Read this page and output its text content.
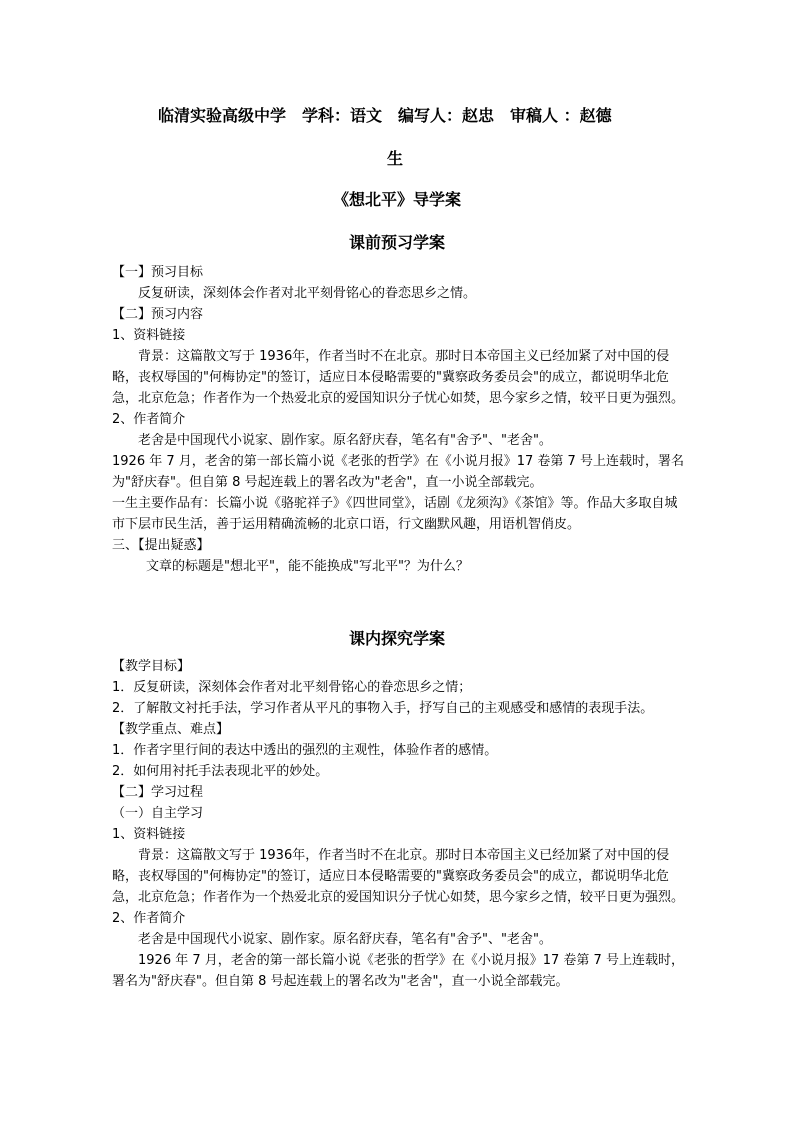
临清实验高级中学　学科：语文　编写人：赵忠　审稿人 ：赵德
生
《想北平》导学案
课前预习学案

【一】预习目标

反复研读，深刻体会作者对北平刻骨铭心的眷恋思乡之情。

【二】预习内容

1、资料链接

背景：这篇散文写于 1936年，作者当时不在北京。那时日本帝国主义已经加紧了对中国的侵略，丧权辱国的"何梅协定"的签订，适应日本侵略需要的"冀察政务委员会"的成立，都说明华北危急，北京危急；作者作为一个热爱北京的爱国知识分子忧心如焚，思今家乡之情，较平日更为强烈。

2、作者简介

老舍是中国现代小说家、剧作家。原名舒庆春，笔名有"舍予"、"老舍"。

1926 年 7 月，老舍的第一部长篇小说《老张的哲学》在《小说月报》17 卷第 7 号上连载时，署名为"舒庆春"。但自第 8 号起连载上的署名改为"老舍"，直一小说全部载完。

一生主要作品有：长篇小说《骆驼祥子》《四世同堂》，话剧《龙须沟》《茶馆》等。作品大多取自城市下层市民生活，善于运用精确流畅的北京口语，行文幽默风趣，用语机智俏皮。

三、【提出疑惑】

文章的标题是"想北平"，能不能换成"写北平"？为什么？

课内探究学案

【教学目标】

1．反复研读，深刻体会作者对北平刻骨铭心的眷恋思乡之情；

2．了解散文衬托手法，学习作者从平凡的事物入手，抒写自己的主观感受和感情的表现手法。

【教学重点、难点】

1．作者字里行间的表达中透出的强烈的主观性，体验作者的感情。

2．如何用衬托手法表现北平的妙处。

【二】学习过程

（一）自主学习

1、资料链接

背景：这篇散文写于 1936年，作者当时不在北京。那时日本帝国主义已经加紧了对中国的侵略，丧权辱国的"何梅协定"的签订，适应日本侵略需要的"冀察政务委员会"的成立，都说明华北危急，北京危急；作者作为一个热爱北京的爱国知识分子忧心如焚，思今家乡之情，较平日更为强烈。

2、作者简介

老舍是中国现代小说家、剧作家。原名舒庆春，笔名有"舍予"、"老舍"。

1926 年 7 月，老舍的第一部长篇小说《老张的哲学》在《小说月报》17 卷第 7 号上连载时，署名为"舒庆春"。但自第 8 号起连载上的署名改为"老舍"，直一小说全部载完。
